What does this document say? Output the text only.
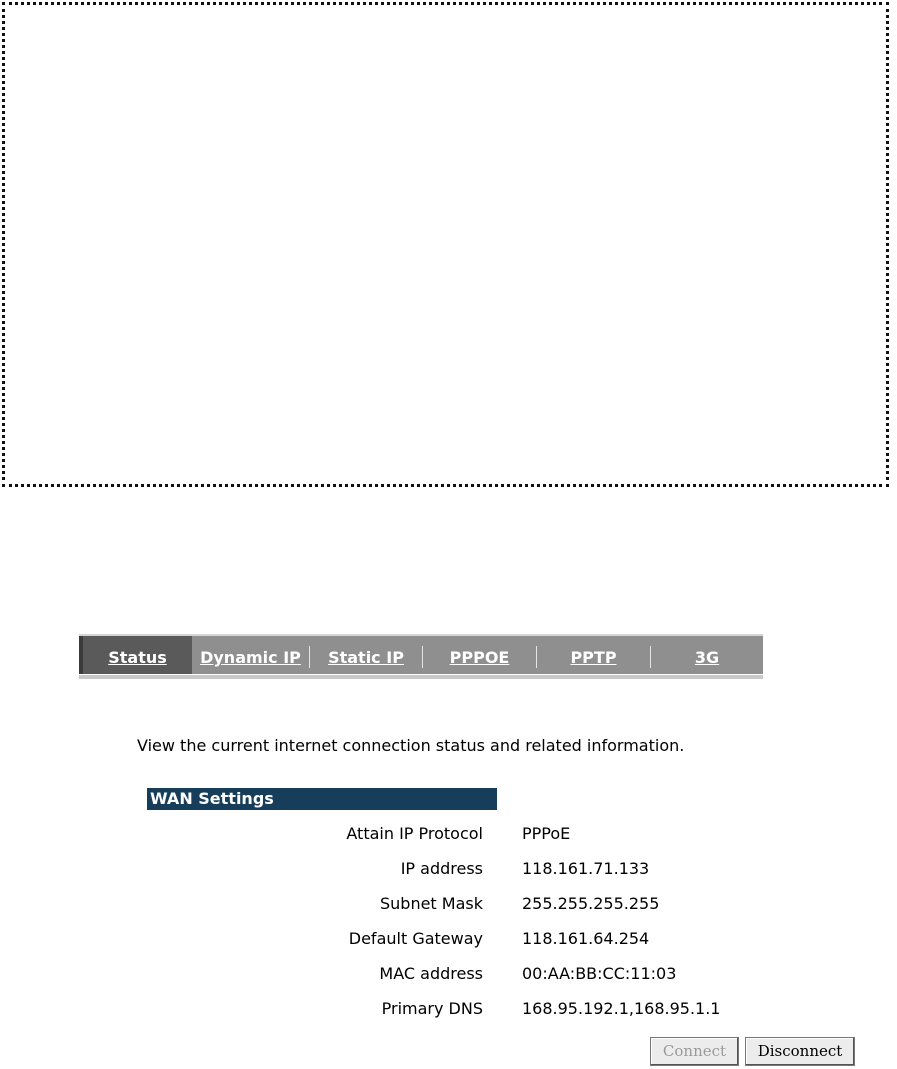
Status	Dynamic IP	Static IP	PPPOE	PPTP	3G
View the current internet connection status and related information.
WAN Settings
Attain IP Protocol PPPoE
IP address 118.161.71.133
Subnet Mask 255.255.255.255
Default Gateway 118.161.64.254
MAC address 00:AA:BB:CC:11:03
Primary DNS 168.95.192.1,168.95.1.1
Connect	Disconnect
